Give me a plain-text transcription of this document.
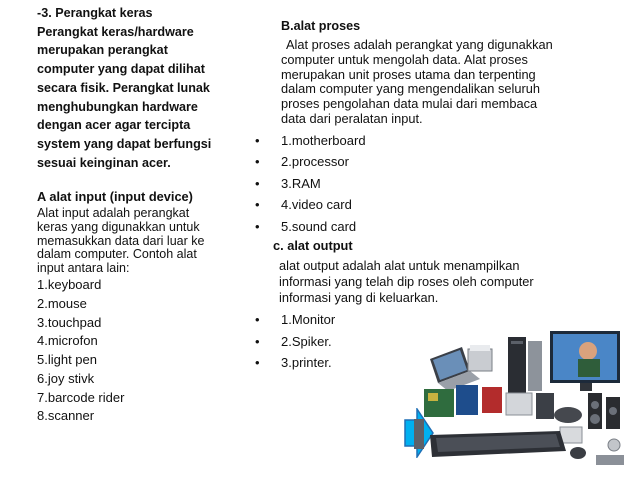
-3. Perangkat keras
Perangkat keras/hardware
merupakan perangkat
computer yang dapat dilihat
secara fisik. Perangkat lunak
menghubungkan hardware
dengan acer agar tercipta
system yang dapat berfungsi
sesuai keinginan acer.

A alat input (input device)

Alat input adalah perangkat
keras yang digunakkan untuk
memasukkan data dari luar ke
dalam computer. Contoh alat
input antara lain:

1.keyboard
2.mouse
3.touchpad
4.microfon
5.light pen
6.joy stivk
7.barcode rider
8.scanner

B.alat proses

Alat proses adalah perangkat yang digunakkan
computer untuk mengolah data. Alat proses
merupakan unit proses utama dan terpenting
dalam computer yang mengendalikan seluruh
proses pengolahan data mulai dari membaca
data dari peralatan input.

• 1.motherboard
• 2.processor
• 3.RAM
• 4.video card
• 5.sound card

c. alat output

alat output adalah alat untuk menampilkan
informasi yang telah dip roses oleh computer
informasi yang di keluarkan.

• 1.Monitor
• 2.Spiker.
• 3.printer.
